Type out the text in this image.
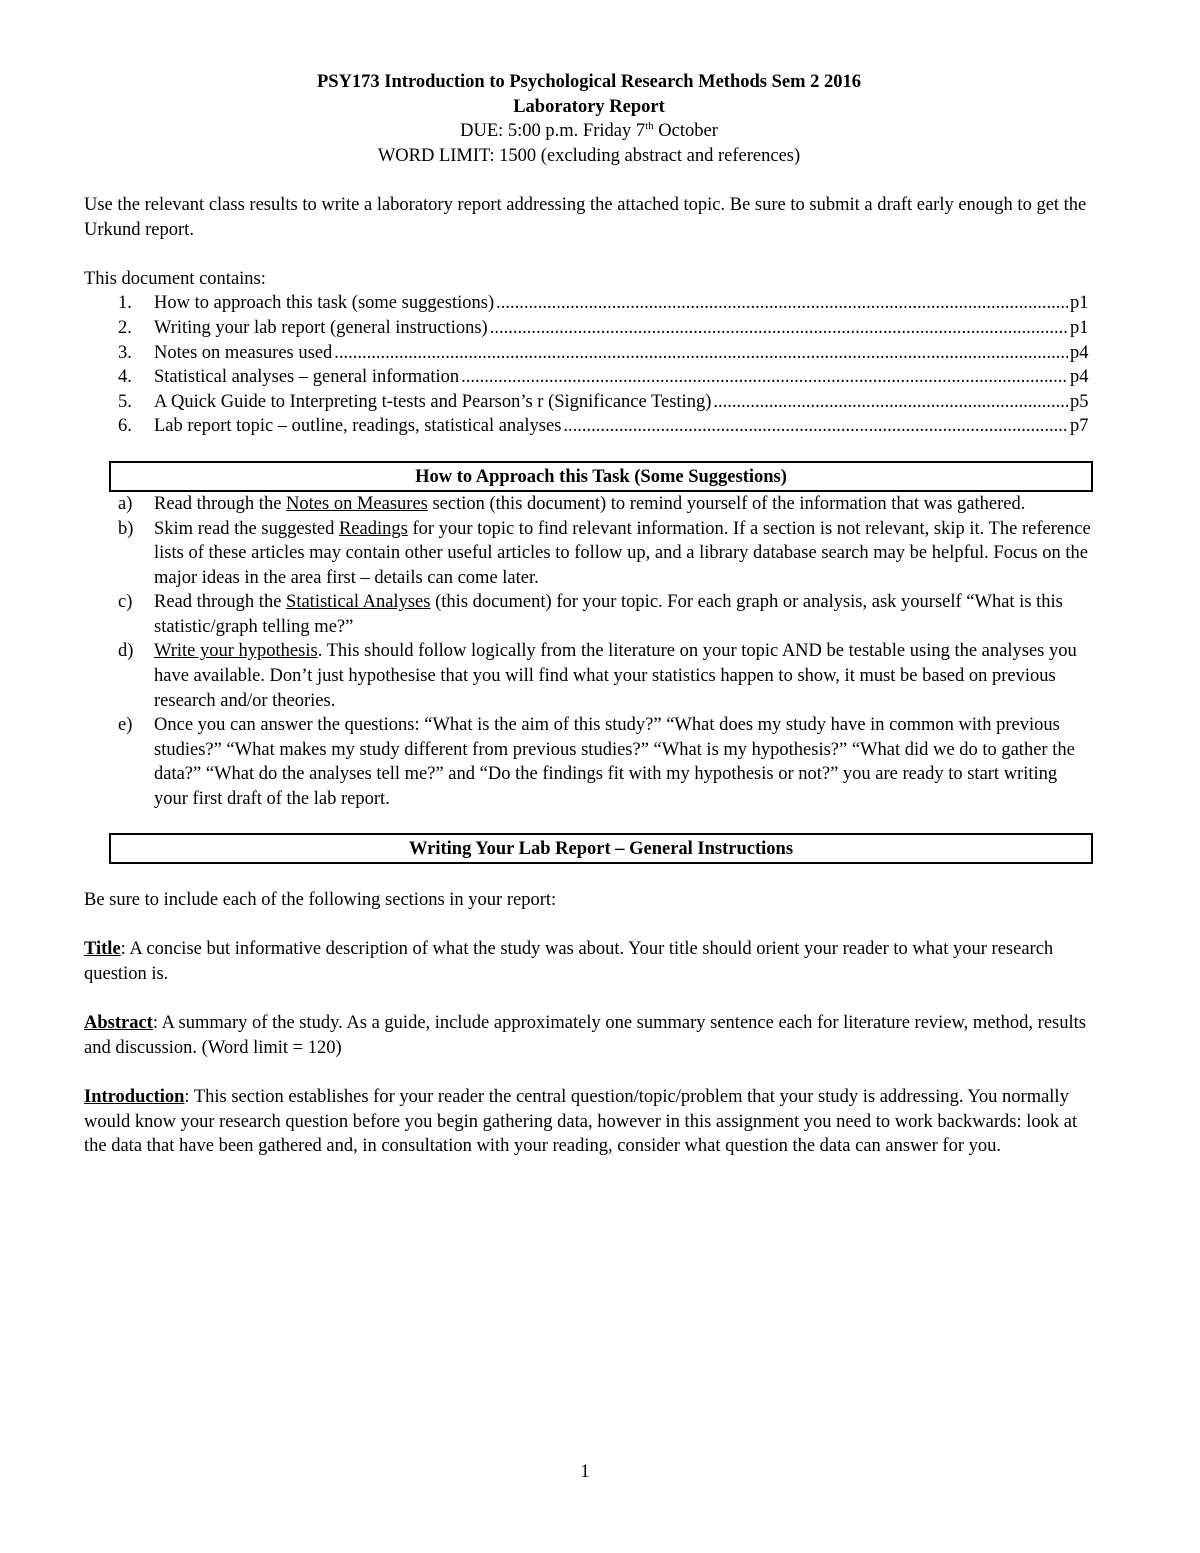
PSY173 Introduction to Psychological Research Methods Sem 2 2016

Laboratory Report

DUE: 5:00 p.m. Friday 7th October

WORD LIMIT: 1500 (excluding abstract and references)

Use the relevant class results to write a laboratory report addressing the attached topic. Be sure to submit a draft early enough to get the Urkund report.

This document contains:

1.	How to approach this task (some suggestions) .....	p1
2.	Writing your lab report (general instructions) .....	p1
3.	Notes on measures used .....	p4
4.	Statistical analyses – general information .....	p4
5.	A Quick Guide to Interpreting t-tests and Pearson’s r (Significance Testing) .....	p5
6.	Lab report topic – outline, readings, statistical analyses .....	p7
How to Approach this Task (Some Suggestions)
a)	Read through the Notes on Measures section (this document) to remind yourself of the information that was gathered.
b)	Skim read the suggested Readings for your topic to find relevant information. If a section is not relevant, skip it. The reference lists of these articles may contain other useful articles to follow up, and a library database search may be helpful. Focus on the major ideas in the area first – details can come later.
c)	Read through the Statistical Analyses (this document) for your topic. For each graph or analysis, ask yourself “What is this statistic/graph telling me?”
d)	Write your hypothesis. This should follow logically from the literature on your topic AND be testable using the analyses you have available. Don’t just hypothesise that you will find what your statistics happen to show, it must be based on previous research and/or theories.
e)	Once you can answer the questions: “What is the aim of this study?” “What does my study have in common with previous studies?” “What makes my study different from previous studies?” “What is my hypothesis?” “What did we do to gather the data?” “What do the analyses tell me?” and “Do the findings fit with my hypothesis or not?” you are ready to start writing your first draft of the lab report.
Writing Your Lab Report – General Instructions

Be sure to include each of the following sections in your report:

Title: A concise but informative description of what the study was about. Your title should orient your reader to what your research question is.

Abstract: A summary of the study. As a guide, include approximately one summary sentence each for literature review, method, results and discussion. (Word limit = 120)

Introduction: This section establishes for your reader the central question/topic/problem that your study is addressing. You normally would know your research question before you begin gathering data, however in this assignment you need to work backwards: look at the data that have been gathered and, in consultation with your reading, consider what question the data can answer for you.

1
